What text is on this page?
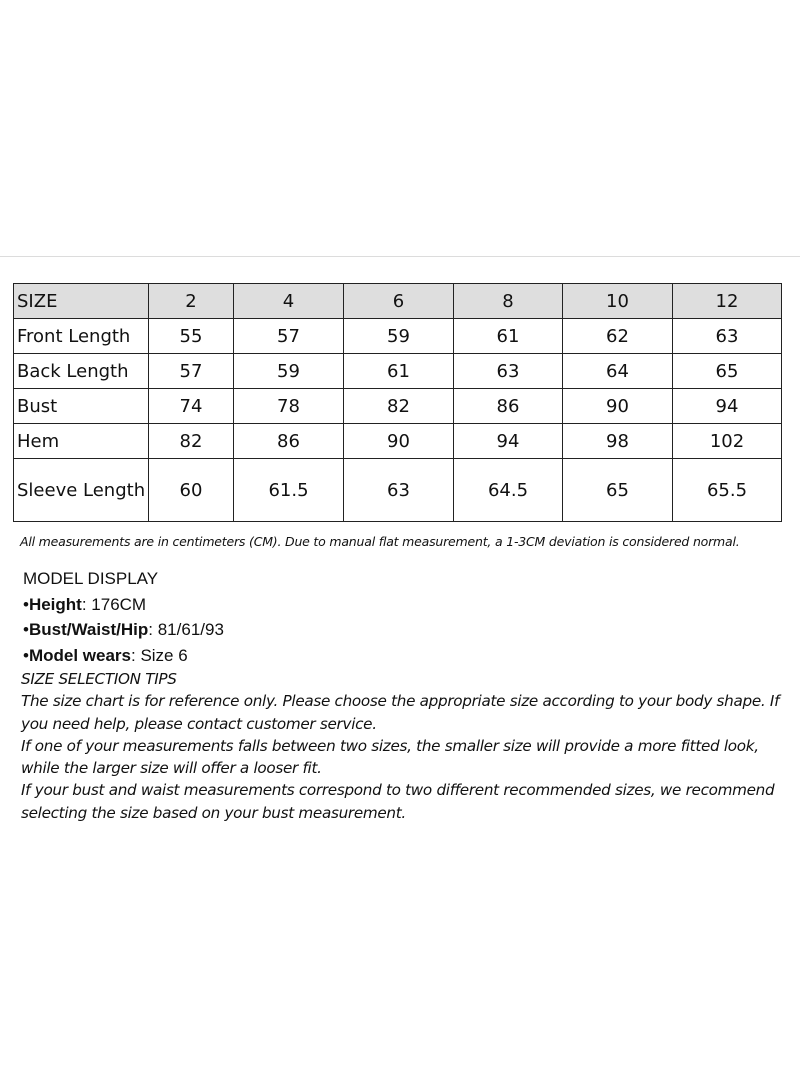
SIZE	2	4	6	8	10	12
Front Length	55	57	59	61	62	63
Back Length	57	59	61	63	64	65
Bust	74	78	82	86	90	94
Hem	82	86	90	94	98	102
Sleeve Length	60	61.5	63	64.5	65	65.5
All measurements are in centimeters (CM). Due to manual flat measurement, a 1-3CM deviation is considered normal.
MODEL DISPLAY
•Height: 176CM
•Bust/Waist/Hip: 81/61/93
•Model wears: Size 6

SIZE SELECTION TIPS

The size chart is for reference only. Please choose the appropriate size according to your body shape. If you need help, please contact customer service.

If one of your measurements falls between two sizes, the smaller size will provide a more fitted look, while the larger size will offer a looser fit.

If your bust and waist measurements correspond to two different recommended sizes, we recommend selecting the size based on your bust measurement.
